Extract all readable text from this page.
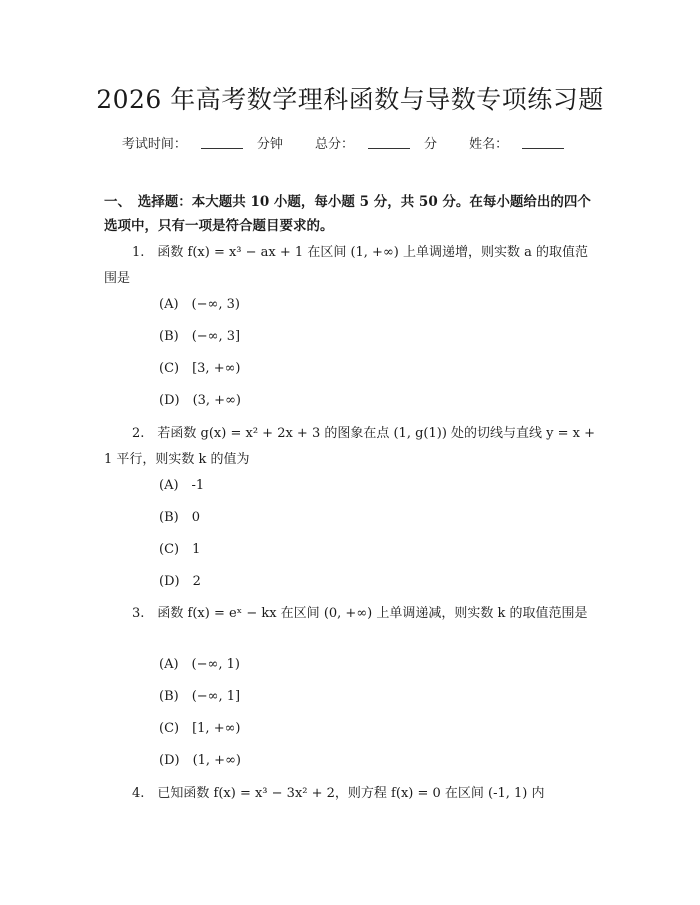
2026 年高考数学理科函数与导数专项练习题
考试时间：	分钟 总分：	分 姓名：
一、　选择题：本大题共 10 小题，每小题 5 分，共 50 分。在每小题给出的四个选项中，只有一项是符合题目要求的。
1.　函数 f(x) = x³ − ax + 1 在区间 (1, +∞) 上单调递增，则实数 a 的取值范围是
(A)　(−∞, 3)
(B)　(−∞, 3]
(C)　[3, +∞)
(D)　(3, +∞)
2.　若函数 g(x) = x² + 2x + 3 的图象在点 (1, g(1)) 处的切线与直线 y = x + 1 平行，则实数 k 的值为
(A)　-1
(B)　0
(C)　1
(D)　2
3.　函数 f(x) = eˣ − kx 在区间 (0, +∞) 上单调递减，则实数 k 的取值范围是
(A)　(−∞, 1)
(B)　(−∞, 1]
(C)　[1, +∞)
(D)　(1, +∞)
4.　已知函数 f(x) = x³ − 3x² + 2，则方程 f(x) = 0 在区间 (-1, 1) 内
